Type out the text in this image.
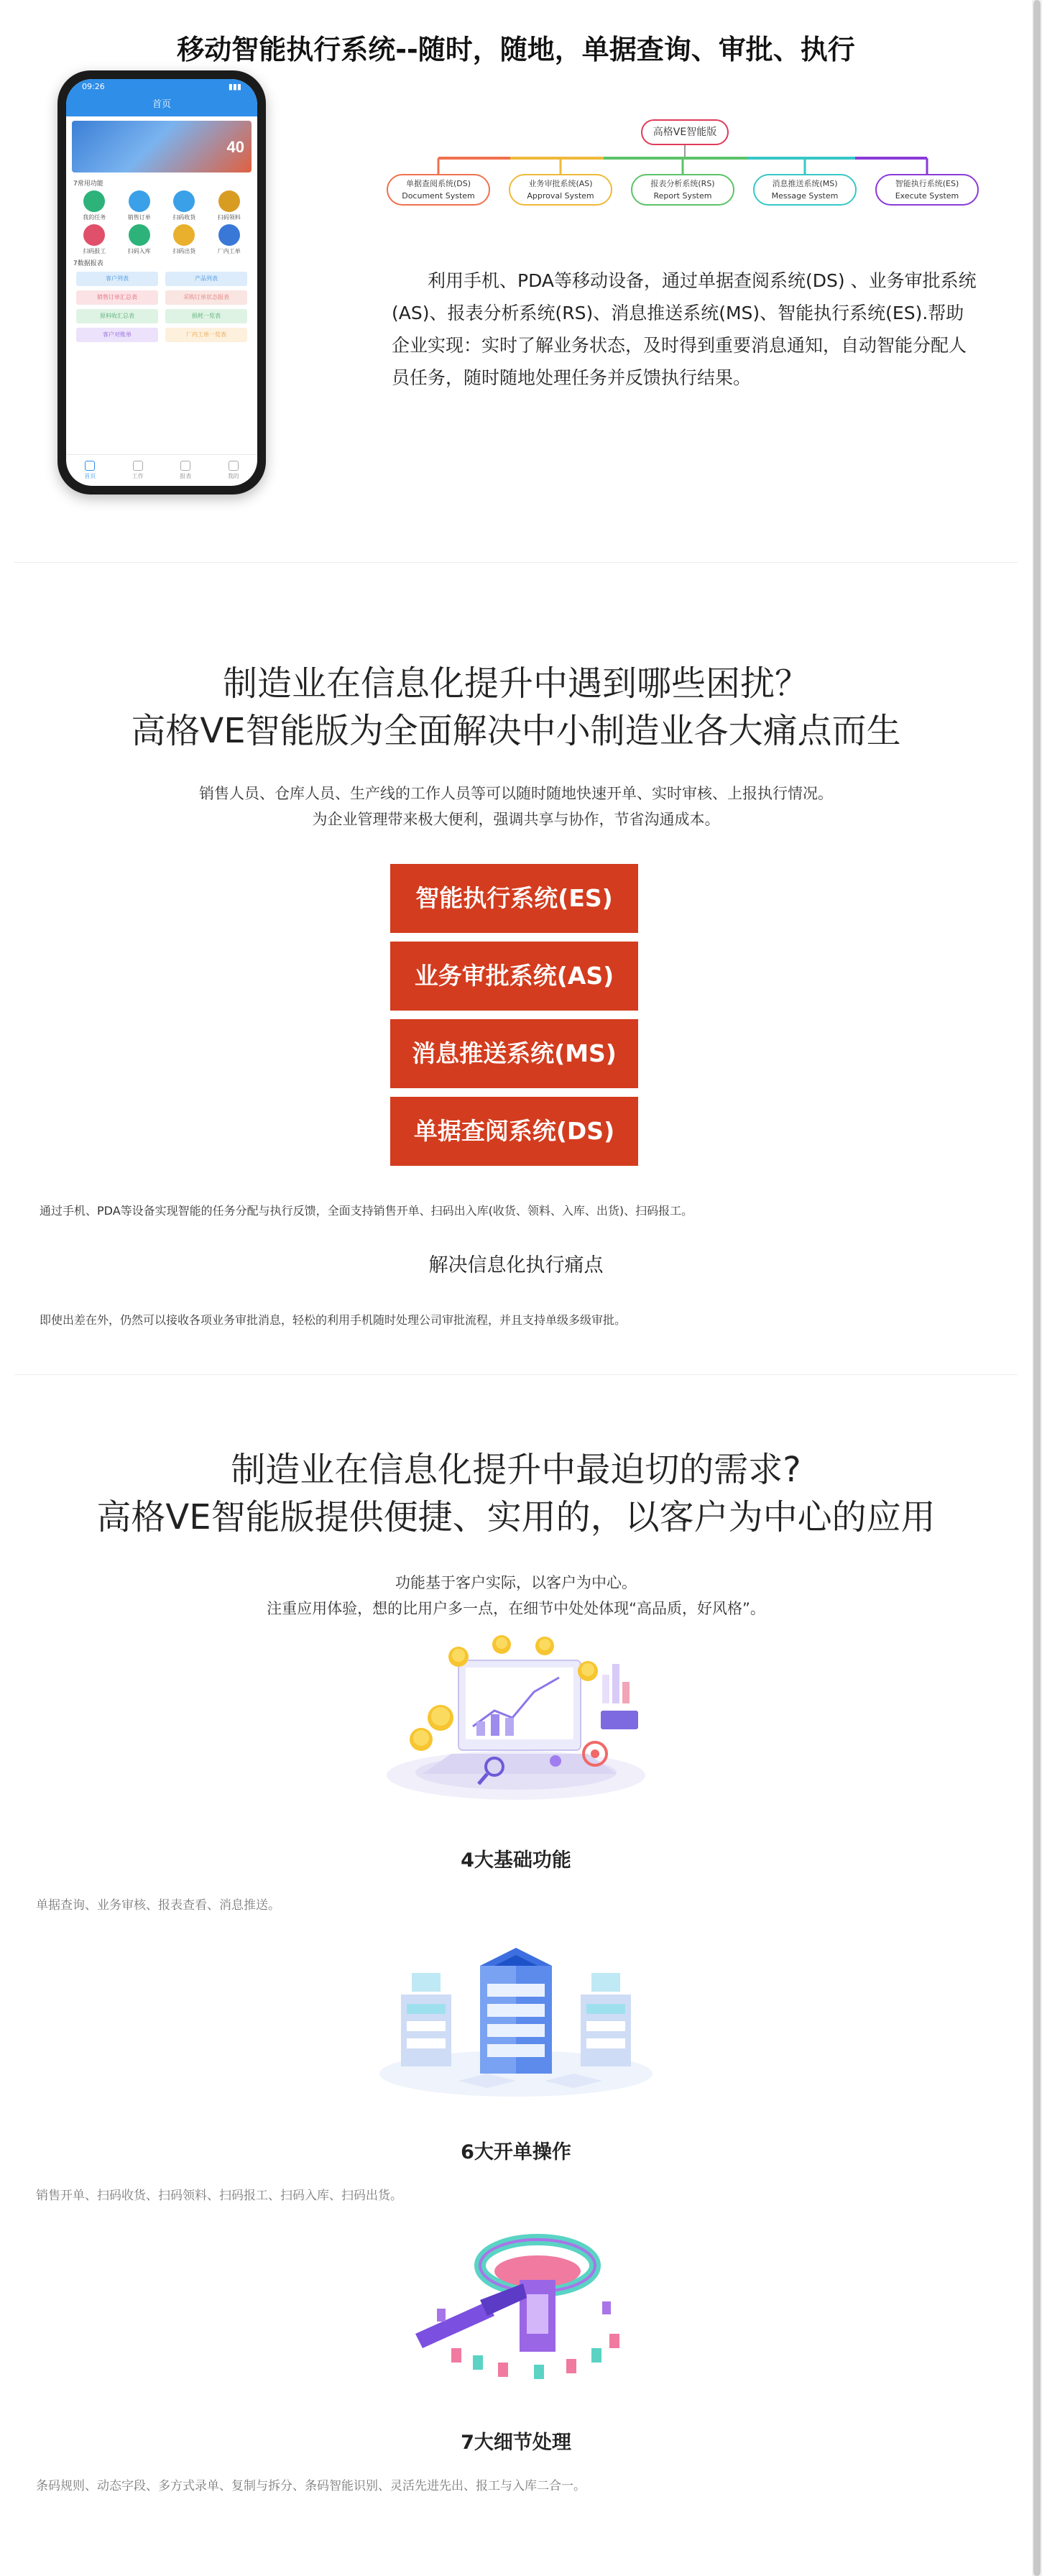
移动智能执行系统--随时，随地，单据查询、审批、执行
09:26	▮▮▮
首页
40
7常用功能
我的任务	销售订单	扫码收货	扫码领料
扫码报工	扫码入库	扫码出货	厂内工单
7数据报表
客户列表	产品列表
销售订单汇总表	采购订单状态报表
原料收汇总表	损耗一览表
客户对账单	厂内工单一览表
首页	工作	报表	我的
高格VE智能版
单据查阅系统(DS)
Document System
业务审批系统(AS)
Approval System
报表分析系统(RS)
Report System
消息推送系统(MS)
Message System
智能执行系统(ES)
Execute System
利用手机、PDA等移动设备，通过单据查阅系统(DS) 、业务审批系统(AS)、报表分析系统(RS)、消息推送系统(MS)、智能执行系统(ES).帮助企业实现：实时了解业务状态，及时得到重要消息通知，自动智能分配人员任务，随时随地处理任务并反馈执行结果。
制造业在信息化提升中遇到哪些困扰？
高格VE智能版为全面解决中小制造业各大痛点而生
销售人员、仓库人员、生产线的工作人员等可以随时随地快速开单、实时审核、上报执行情况。
为企业管理带来极大便利，强调共享与协作，节省沟通成本。
智能执行系统(ES)
业务审批系统(AS)
消息推送系统(MS)
单据查阅系统(DS)
通过手机、PDA等设备实现智能的任务分配与执行反馈，全面支持销售开单、扫码出入库(收货、领料、入库、出货)、扫码报工。
解决信息化执行痛点
即使出差在外，仍然可以接收各项业务审批消息，轻松的利用手机随时处理公司审批流程，并且支持单级多级审批。
制造业在信息化提升中最迫切的需求?
高格VE智能版提供便捷、实用的，以客户为中心的应用
功能基于客户实际，以客户为中心。
注重应用体验，想的比用户多一点，在细节中处处体现“高品质，好风格”。
4大基础功能
单据查询、业务审核、报表查看、消息推送。
6大开单操作
销售开单、扫码收货、扫码领料、扫码报工、扫码入库、扫码出货。
7大细节处理
条码规则、动态字段、多方式录单、复制与拆分、条码智能识别、灵活先进先出、报工与入库二合一。
